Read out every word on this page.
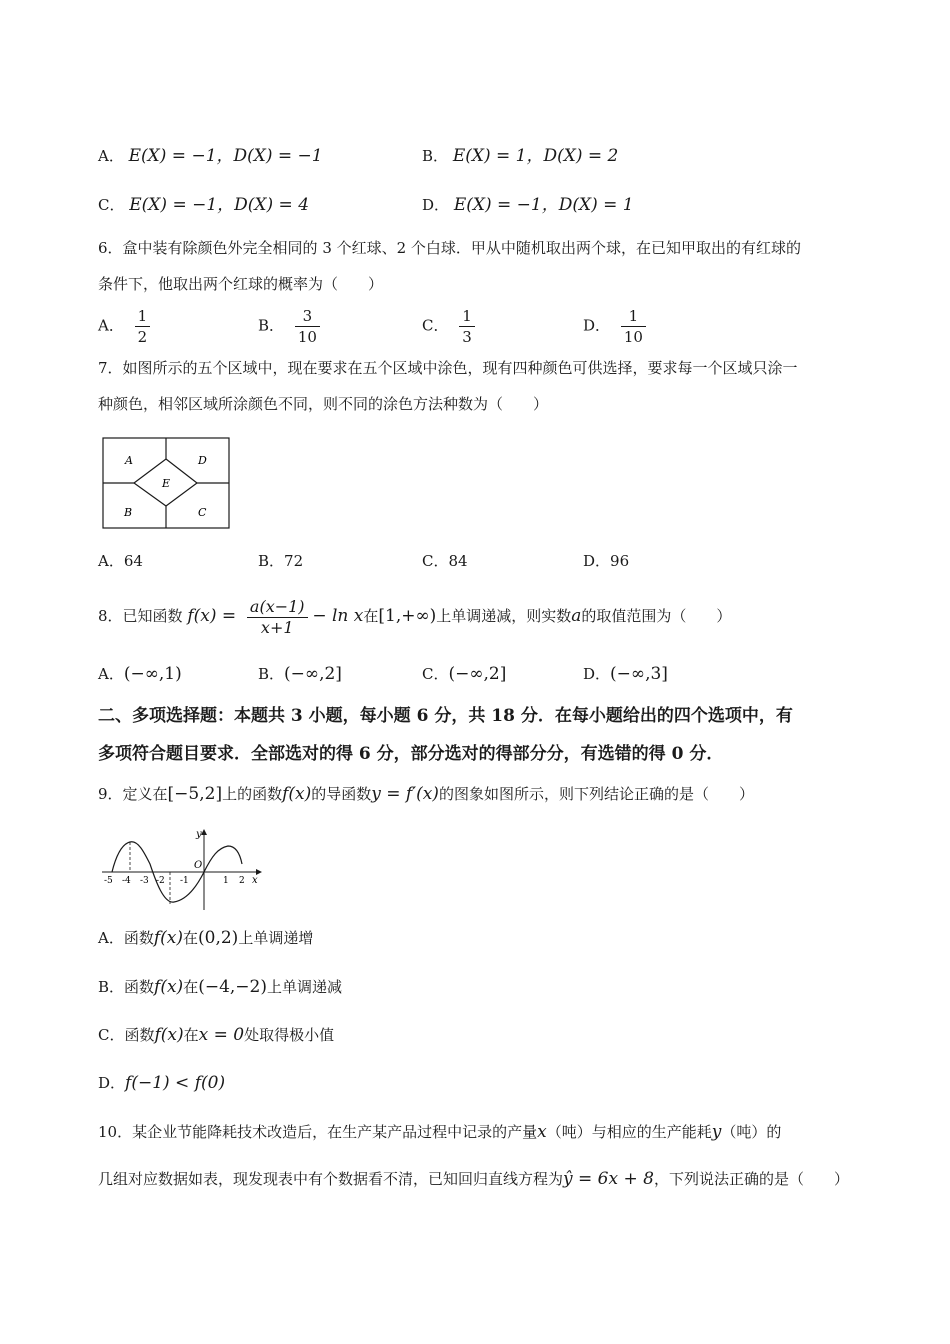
A． E(X) = −1，D(X) = −1	B． E(X) = 1，D(X) = 2
C． E(X) = −1，D(X) = 4	D． E(X) = −1，D(X) = 1
6．盒中装有除颜色外完全相同的 3 个红球、2 个白球．甲从中随机取出两个球，在已知甲取出的有红球的
条件下，他取出两个红球的概率为（　　）
A． $\frac{1}{2}$	B． $\frac{3}{10}$	C． $\frac{1}{3}$	D． $\frac{1}{10}$
7．如图所示的五个区域中，现在要求在五个区域中涂色，现有四种颜色可供选择，要求每一个区域只涂一
种颜色，相邻区域所涂颜色不同，则不同的涂色方法种数为（　　）
A	D
E
B	C
A．64	B．72	C．84	D．96
8．已知函数 $f(x) = \frac{a(x-1)}{x+1} - \ln x$在[1,+∞)上单调递减，则实数a的取值范围为（　　）
A．(−∞,1)	B．(−∞,2]	C．(−∞,2]	D．(−∞,3]
二、多项选择题：本题共 3 小题，每小题 6 分，共 18 分．在每小题给出的四个选项中，有
多项符合题目要求．全部选对的得 6 分，部分选对的得部分分，有选错的得 0 分．
9．定义在[−5,2]上的函数f(x)的导函数y = f′(x)的图象如图所示，则下列结论正确的是（　　）
-5 -4 -3 -2 -1	1 2 x
y
O
A．函数f(x)在(0,2)上单调递增
B．函数f(x)在(−4,−2)上单调递减
C．函数f(x)在x = 0处取得极小值
D．f(−1) < f(0)
10．某企业节能降耗技术改造后，在生产某产品过程中记录的产量x（吨）与相应的生产能耗y（吨）的
几组对应数据如表，现发现表中有个数据看不清，已知回归直线方程为ŷ = 6x + 8，下列说法正确的是（　　）
